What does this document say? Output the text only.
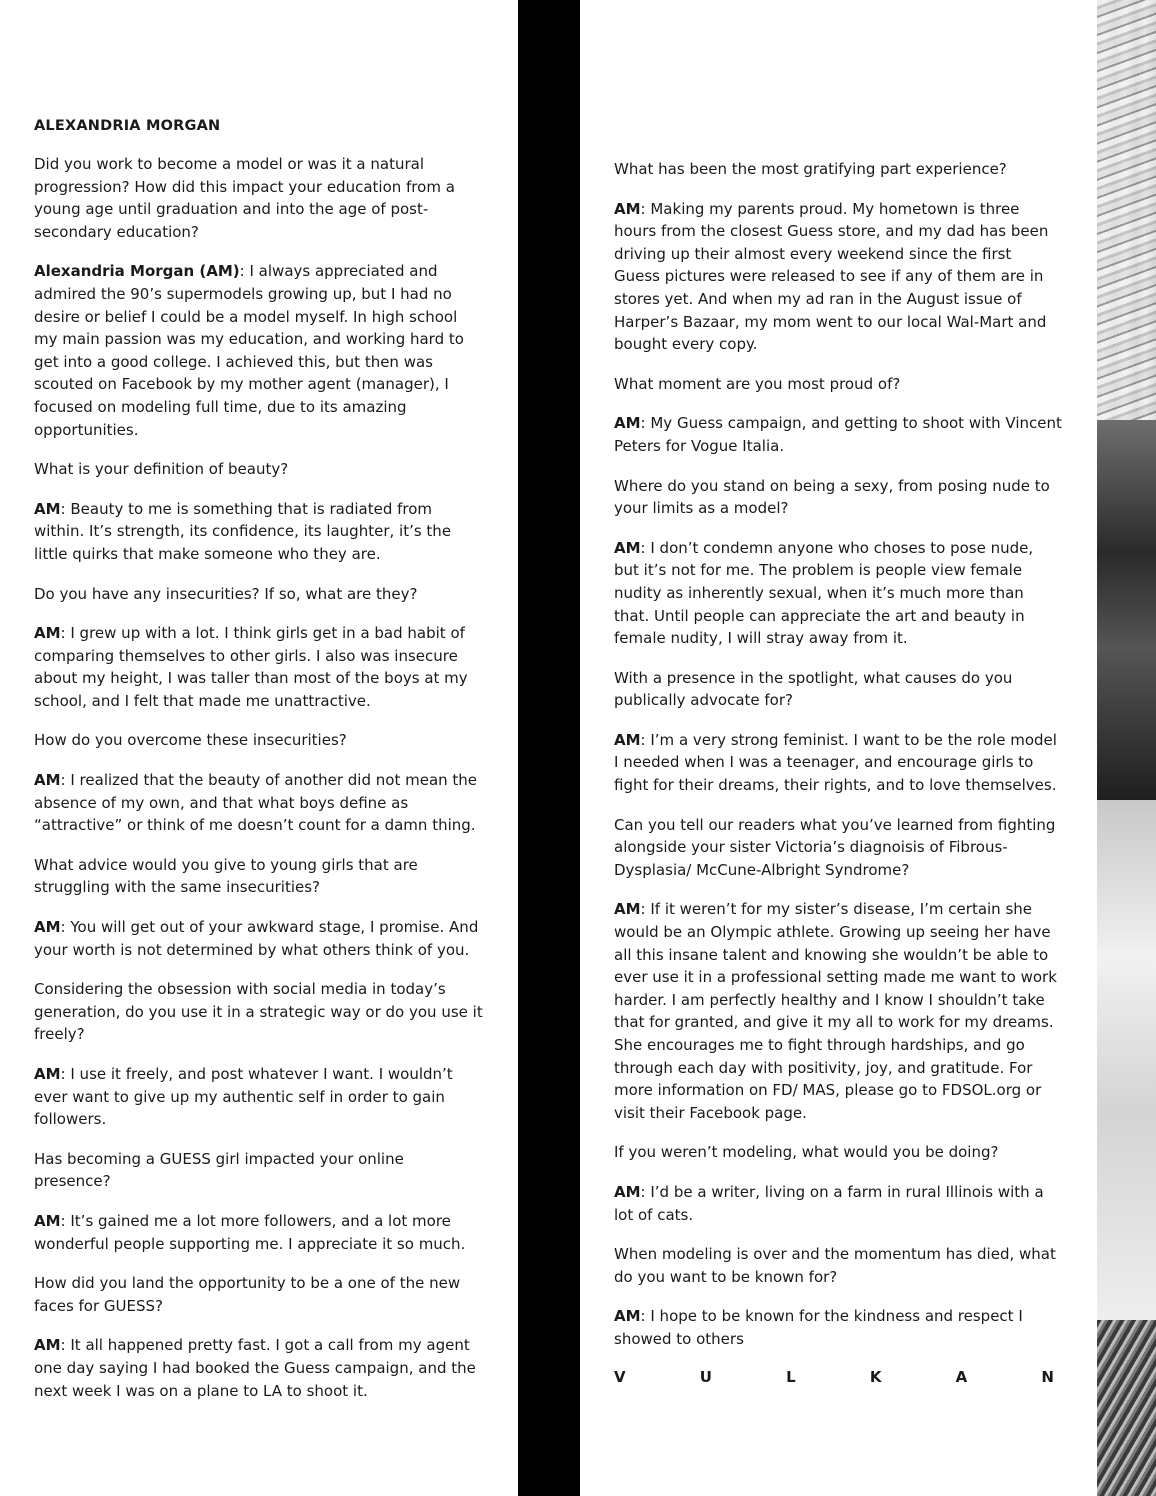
ALEXANDRIA MORGAN

Did you work to become a model or was it a natural progression? How did this impact your education from a young age until graduation and into the age of post-secondary education?

Alexandria Morgan (AM): I always appreciated and admired the 90’s supermodels growing up, but I had no desire or belief I could be a model myself. In high school my main passion was my education, and working hard to get into a good college. I achieved this, but then was scouted on Facebook by my mother agent (manager), I focused on modeling full time, due to its amazing opportunities.

What is your definition of beauty?

AM: Beauty to me is something that is radiated from within. It’s strength, its confidence, its laughter, it’s the little quirks that make someone who they are.

Do you have any insecurities? If so, what are they?

AM: I grew up with a lot. I think girls get in a bad habit of comparing themselves to other girls. I also was insecure about my height, I was taller than most of the boys at my school, and I felt that made me unattractive.

How do you overcome these insecurities?

AM: I realized that the beauty of another did not mean the absence of my own, and that what boys define as “attractive” or think of me doesn’t count for a damn thing.

What advice would you give to young girls that are struggling with the same insecurities?

AM: You will get out of your awkward stage, I promise. And your worth is not determined by what others think of you.

Considering the obsession with social media in today’s generation, do you use it in a strategic way or do you use it freely?

AM: I use it freely, and post whatever I want. I wouldn’t ever want to give up my authentic self in order to gain followers.

Has becoming a GUESS girl impacted your online presence?

AM: It’s gained me a lot more followers, and a lot more wonderful people supporting me. I appreciate it so much.

How did you land the opportunity to be a one of the new faces for GUESS?

AM: It all happened pretty fast. I got a call from my agent one day saying I had booked the Guess campaign, and the next week I was on a plane to LA to shoot it.

What has been the most gratifying part experience?

AM: Making my parents proud. My hometown is three hours from the closest Guess store, and my dad has been driving up their almost every weekend since the first Guess pictures were released to see if any of them are in stores yet. And when my ad ran in the August issue of Harper’s Bazaar, my mom went to our local Wal-Mart and bought every copy.

What moment are you most proud of?

AM: My Guess campaign, and getting to shoot with Vincent Peters for Vogue Italia.

Where do you stand on being a sexy, from posing nude to your limits as a model?

AM: I don’t condemn anyone who choses to pose nude, but it’s not for me. The problem is people view female nudity as inherently sexual, when it’s much more than that. Until people can appreciate the art and beauty in female nudity, I will stray away from it.

With a presence in the spotlight, what causes do you publically advocate for?

AM: I’m a very strong feminist. I want to be the role model I needed when I was a teenager, and encourage girls to fight for their dreams, their rights, and to love themselves.

Can you tell our readers what you’ve learned from fighting alongside your sister Victoria’s diagnoisis of Fibrous-Dysplasia/ McCune-Albright Syndrome?

AM: If it weren’t for my sister’s disease, I’m certain she would be an Olympic athlete. Growing up seeing her have all this insane talent and knowing she wouldn’t be able to ever use it in a professional setting made me want to work harder. I am perfectly healthy and I know I shouldn’t take that for granted, and give it my all to work for my dreams. She encourages me to fight through hardships, and go through each day with positivity, joy, and gratitude. For more information on FD/ MAS, please go to FDSOL.org or visit their Facebook page.

If you weren’t modeling, what would you be doing?

AM: I’d be a writer, living on a farm in rural Illinois with a lot of cats.

When modeling is over and the momentum has died, what do you want to be known for?

AM: I hope to be known for the kindness and respect I showed to others

V	U	L	K	A	N
